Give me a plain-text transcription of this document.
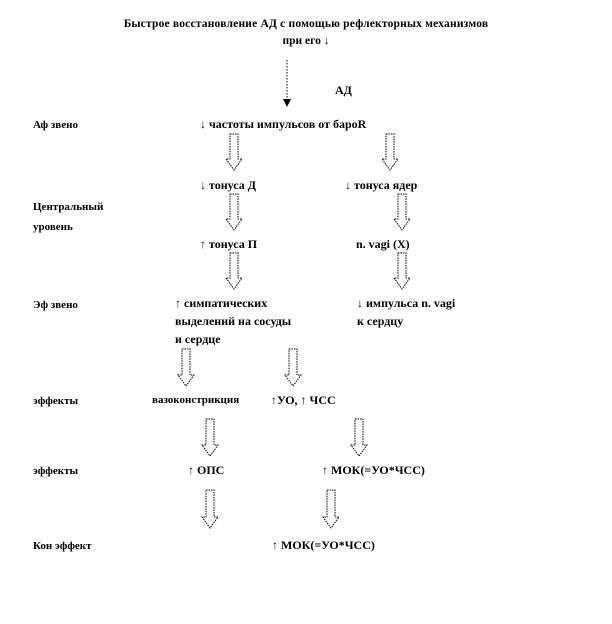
Быстрое восстановление АД с помощью рефлекторных механизмов
при его ↓
АД
Аф звено	↓ частоты импульсов от бароR
Центральный
уровень
↓ тонуса Д	↓ тонуса ядер
↑ тонуса П	n. vagi (X)
Эф звено	↑ симпатических
выделений на сосуды
и сердце
↓ импульса n. vagi
к сердцу
эффекты	вазоконстрикция	↑УО, ↑ ЧСС
эффекты	↑ ОПС	↑ МОК(=УО*ЧСС)
Кон эффект	↑ МОК(=УО*ЧСС)
